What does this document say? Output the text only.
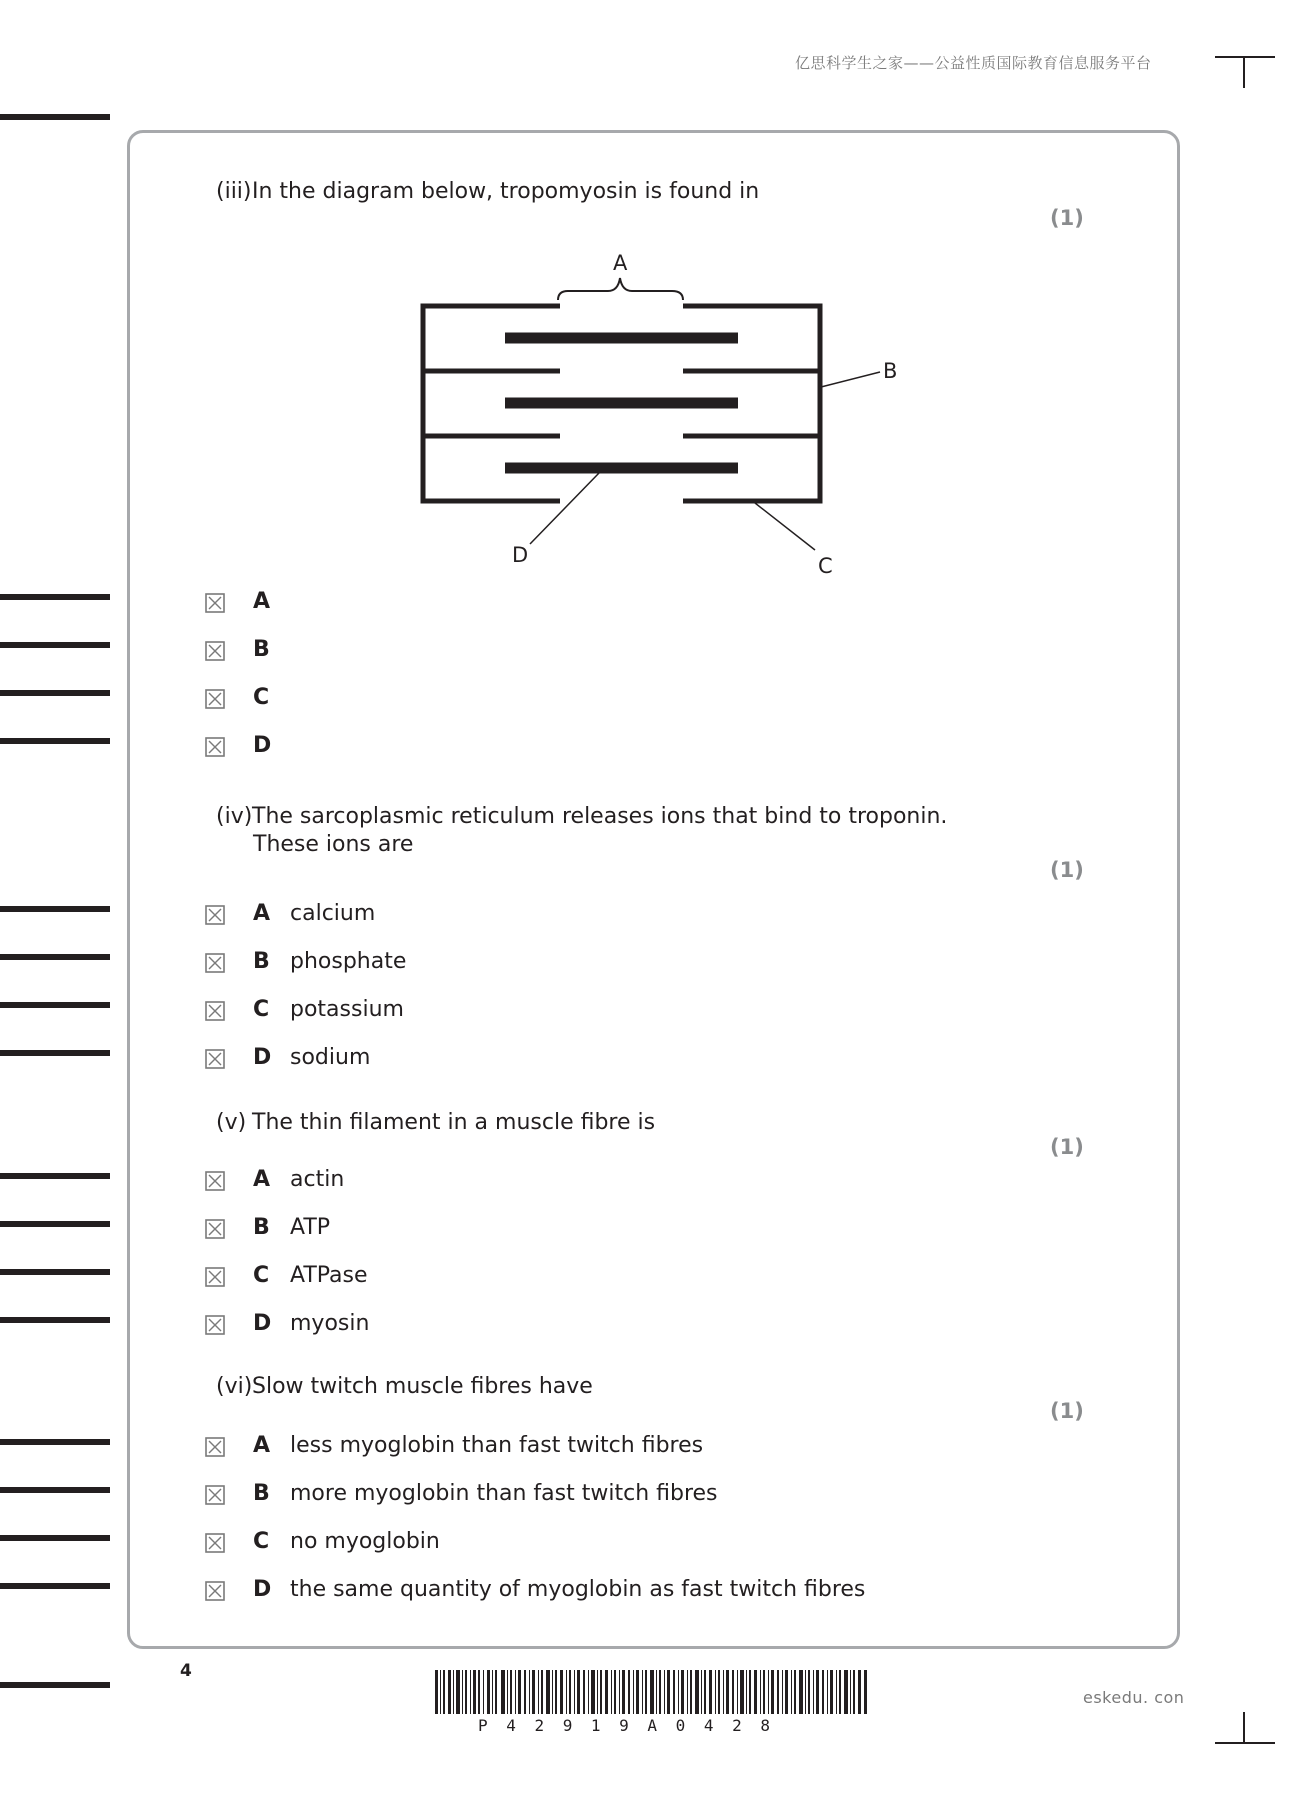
亿思科学生之家——公益性质国际教育信息服务平台
(iii)In the diagram below, tropomyosin is found in
(1)
A
B
C
D
A
B
C
D
(iv)The sarcoplasmic reticulum releases ions that bind to troponin.
These ions are
(1)
A calcium
B phosphate
C potassium
D sodium
(v) The thin filament in a muscle fibre is
(1)
A actin
B ATP
C ATPase
D myosin
(vi)Slow twitch muscle fibres have
(1)
A less myoglobin than fast twitch fibres
B more myoglobin than fast twitch fibres
C no myoglobin
D the same quantity of myoglobin as fast twitch fibres
4
P42919A0428
eskedu. con
